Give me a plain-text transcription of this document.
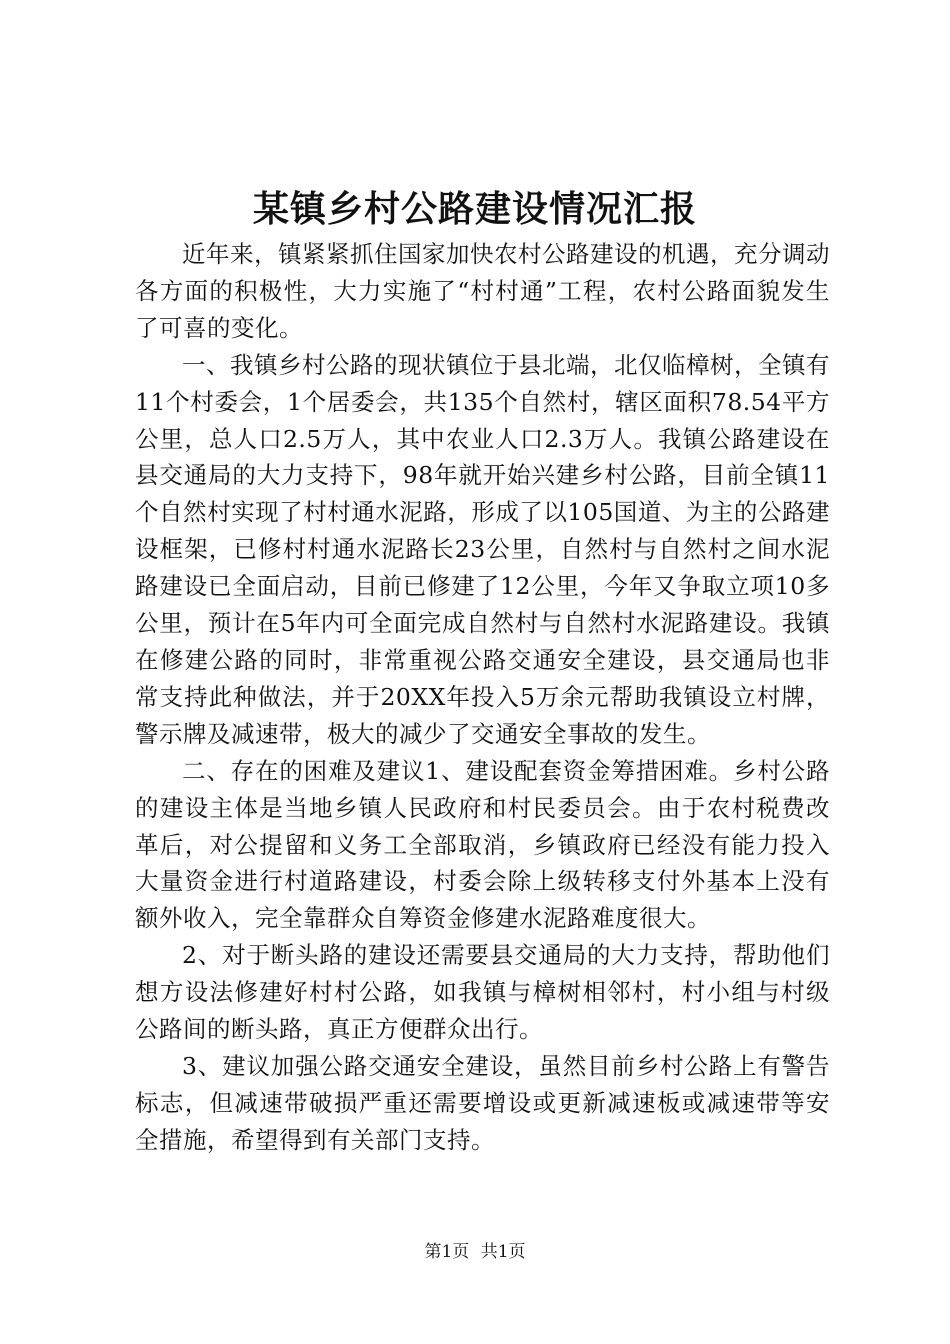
某镇乡村公路建设情况汇报

近年来，镇紧紧抓住国家加快农村公路建设的机遇，充分调动各方面的积极性，大力实施了“村村通”工程，农村公路面貌发生了可喜的变化。

一、我镇乡村公路的现状镇位于县北端，北仅临樟树，全镇有11个村委会，1个居委会，共135个自然村，辖区面积78.54平方公里，总人口2.5万人，其中农业人口2.3万人。我镇公路建设在县交通局的大力支持下，98年就开始兴建乡村公路，目前全镇11个自然村实现了村村通水泥路，形成了以105国道、为主的公路建设框架，已修村村通水泥路长23公里，自然村与自然村之间水泥路建设已全面启动，目前已修建了12公里，今年又争取立项10多公里，预计在5年内可全面完成自然村与自然村水泥路建设。我镇在修建公路的同时，非常重视公路交通安全建设，县交通局也非常支持此种做法，并于20XX年投入5万余元帮助我镇设立村牌，警示牌及减速带，极大的减少了交通安全事故的发生。

二、存在的困难及建议1、建设配套资金筹措困难。乡村公路的建设主体是当地乡镇人民政府和村民委员会。由于农村税费改革后，对公提留和义务工全部取消，乡镇政府已经没有能力投入大量资金进行村道路建设，村委会除上级转移支付外基本上没有额外收入，完全靠群众自筹资金修建水泥路难度很大。

2、对于断头路的建设还需要县交通局的大力支持，帮助他们想方设法修建好村村公路，如我镇与樟树相邻村，村小组与村级公路间的断头路，真正方便群众出行。

3、建议加强公路交通安全建设，虽然目前乡村公路上有警告标志，但减速带破损严重还需要增设或更新减速板或减速带等安全措施，希望得到有关部门支持。

第1页 共1页
